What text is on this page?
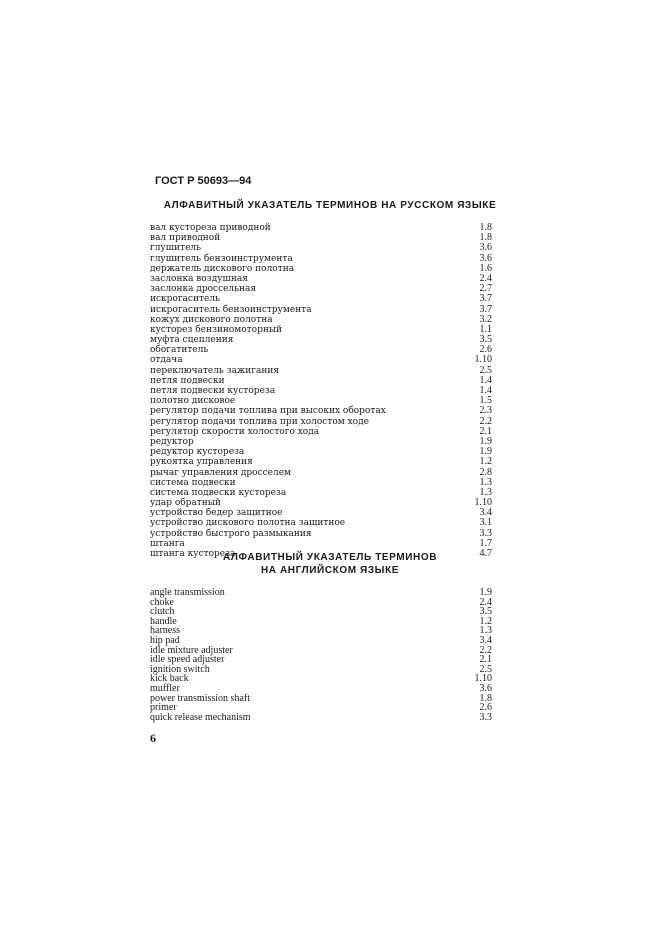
ГОСТ Р 50693—94
АЛФАВИТНЫЙ УКАЗАТЕЛЬ ТЕРМИНОВ НА РУССКОМ ЯЗЫКЕ
вал кустореза приводной	1.8
вал приводной	1.8
глушитель	3.6
глушитель бензоинструмента	3.6
держатель дискового полотна	1.6
заслонка воздушная	2.4
заслонка дроссельная	2.7
искрогаситель	3.7
искрогаситель бензоинструмента	3.7
кожух дискового полотна	3.2
кусторез бензиномоторный	1.1
муфта сцепления	3.5
обогатитель	2.6
отдача	1.10
переключатель зажигания	2.5
петля подвески	1.4
петля подвески кустореза	1.4
полотно дисковое	1.5
регулятор подачи топлива при высоких оборотах	2.3
регулятор подачи топлива при холостом ходе	2.2
регулятор скорости холостого хода	2.1
редуктор	1.9
редуктор кустореза	1.9
рукоятка управления	1.2
рычаг управления дросселем	2.8
система подвески	1.3
система подвески кустореза	1.3
удар обратный	1.10
устройство бедер защитное	3.4
устройство дискового полотна защитное	3.1
устройство быстрого размыкания	3.3
штанга	1.7
штанга кустореза	4.7
АЛФАВИТНЫЙ УКАЗАТЕЛЬ ТЕРМИНОВ
НА АНГЛИЙСКОМ ЯЗЫКЕ
angle transmission	1.9
choke	2.4
clutch	3.5
handle	1.2
harness	1.3
hip pad	3.4
idle mixture adjuster	2.2
idle speed adjuster	2.1
ignition switch	2.5
kick back	1.10
muffler	3.6
power transmission shaft	1.8
primer	2.6
quick release mechanism	3.3
6
